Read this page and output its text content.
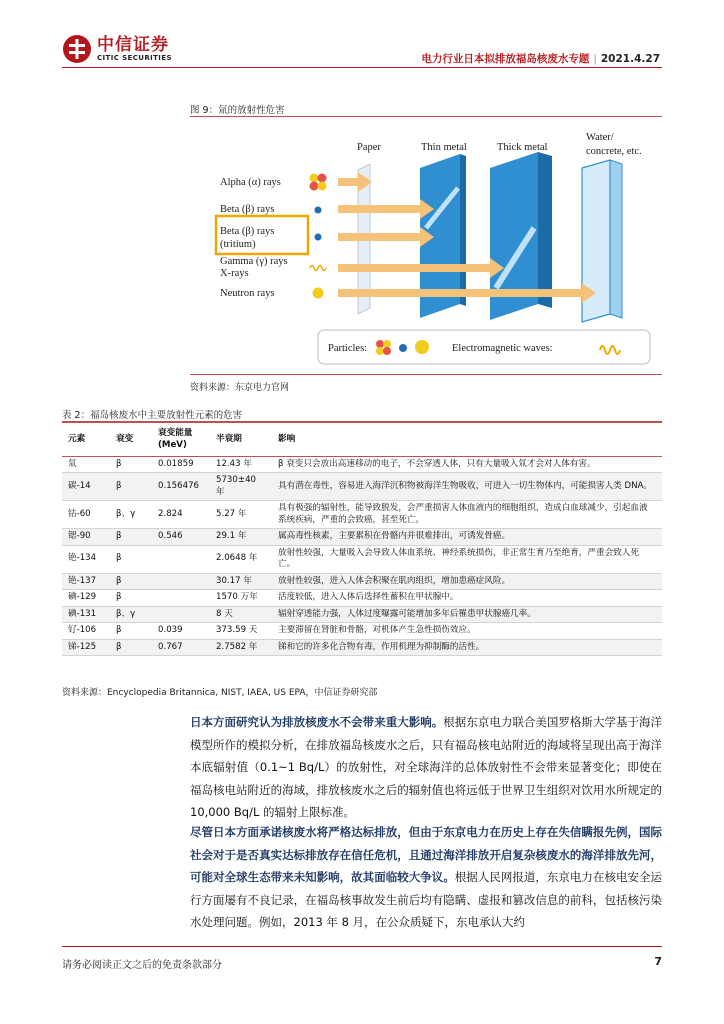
中信证券
CITIC SECURITIES	电力行业日本拟排放福岛核废水专题 | 2021.4.27
图 9：氚的放射性危害
Paper	Thin metal	Thick metal
Water/
concrete, etc.
Alpha (α) rays
Beta (β) rays
Beta (β) rays
(tritium)
Gamma (γ) rays
X-rays
Neutron rays
Particles:	Electromagnetic waves:
资料来源：东京电力官网
表 2：福岛核废水中主要放射性元素的危害
元素	衰变	衰变能量 (MeV)	半衰期	影响
氚	β	0.01859	12.43 年	β 衰变只会放出高速移动的电子，不会穿透人体，只有大量吸入氚才会对人体有害。
碳-14	β	0.156476	5730±40 年	具有潜在毒性，容易进入海洋沉积物被海洋生物吸收，可进入一切生物体内，可能损害人类 DNA。
钴-60	β、γ	2.824	5.27 年	具有极强的辐射性，能导致脱发，会严重损害人体血液内的细胞组织，造成白血球减少，引起血液系统疾病，严重的会致癌，甚至死亡。
锶-90	β	0.546	29.1 年	属高毒性核素，主要累积在骨骼内并很难排出，可诱发骨癌。
铯-134	β		2.0648 年	放射性较强，大量吸入会导致人体血系统、神经系统损伤，非正常生育乃至绝育，严重会致人死亡。
铯-137	β		30.17 年	放射性较强，进入人体会积聚在肌肉组织，增加患癌症风险。
碘-129	β		1570 万年	活度较低，进入人体后选择性蓄积在甲状腺中。
碘-131	β、γ		8 天	辐射穿透能力强，人体过度曝露可能增加多年后罹患甲状腺癌几率。
钌-106	β	0.039	373.59 天	主要滞留在肾脏和骨骼，对机体产生急性损伤效应。
锑-125	β	0.767	2.7582 年	锑和它的许多化合物有毒，作用机理为抑制酶的活性。
资料来源：Encyclopedia Britannica, NIST, IAEA, US EPA，中信证券研究部
日本方面研究认为排放核废水不会带来重大影响。根据东京电力联合美国罗格斯大学基于海洋模型所作的模拟分析，在排放福岛核废水之后，只有福岛核电站附近的海域将呈现出高于海洋本底辐射值（0.1~1 Bq/L）的放射性，对全球海洋的总体放射性不会带来显著变化；即使在福岛核电站附近的海域，排放核废水之后的辐射值也将远低于世界卫生组织对饮用水所规定的 10,000 Bq/L 的辐射上限标准。
尽管日本方面承诺核废水将严格达标排放，但由于东京电力在历史上存在失信瞒报先例，国际社会对于是否真实达标排放存在信任危机，且通过海洋排放开启复杂核废水的海洋排放先河，可能对全球生态带来未知影响，故其面临较大争议。根据人民网报道，东京电力在核电安全运行方面屡有不良记录，在福岛核事故发生前后均有隐瞒、虚报和篡改信息的前科，包括核污染水处理问题。例如，2013 年 8 月，在公众质疑下，东电承认大约
请务必阅读正文之后的免责条款部分	7
